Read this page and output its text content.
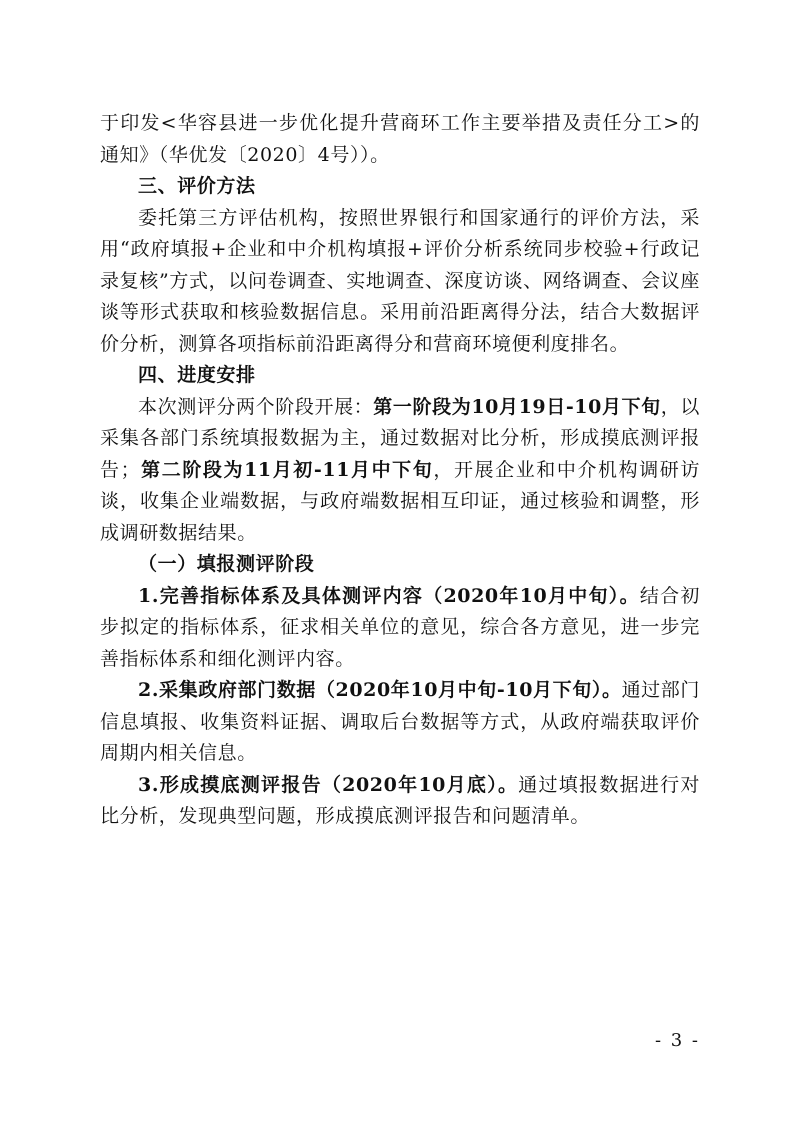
于印发<华容县进一步优化提升营商环工作主要举措及责任分工>的通知》（华优发〔2020〕4号））。

三、评价方法

委托第三方评估机构，按照世界银行和国家通行的评价方法，采用“政府填报+企业和中介机构填报+评价分析系统同步校验+行政记录复核”方式，以问卷调查、实地调查、深度访谈、网络调查、会议座谈等形式获取和核验数据信息。采用前沿距离得分法，结合大数据评价分析，测算各项指标前沿距离得分和营商环境便利度排名。

四、进度安排

本次测评分两个阶段开展：第一阶段为10月19日-10月下旬，以采集各部门系统填报数据为主，通过数据对比分析，形成摸底测评报告；第二阶段为11月初-11月中下旬，开展企业和中介机构调研访谈，收集企业端数据，与政府端数据相互印证，通过核验和调整，形成调研数据结果。

（一）填报测评阶段

1.完善指标体系及具体测评内容（2020年10月中旬）。结合初步拟定的指标体系，征求相关单位的意见，综合各方意见，进一步完善指标体系和细化测评内容。

2.采集政府部门数据（2020年10月中旬-10月下旬）。通过部门信息填报、收集资料证据、调取后台数据等方式，从政府端获取评价周期内相关信息。

3.形成摸底测评报告（2020年10月底）。通过填报数据进行对比分析，发现典型问题，形成摸底测评报告和问题清单。

- 3 -
